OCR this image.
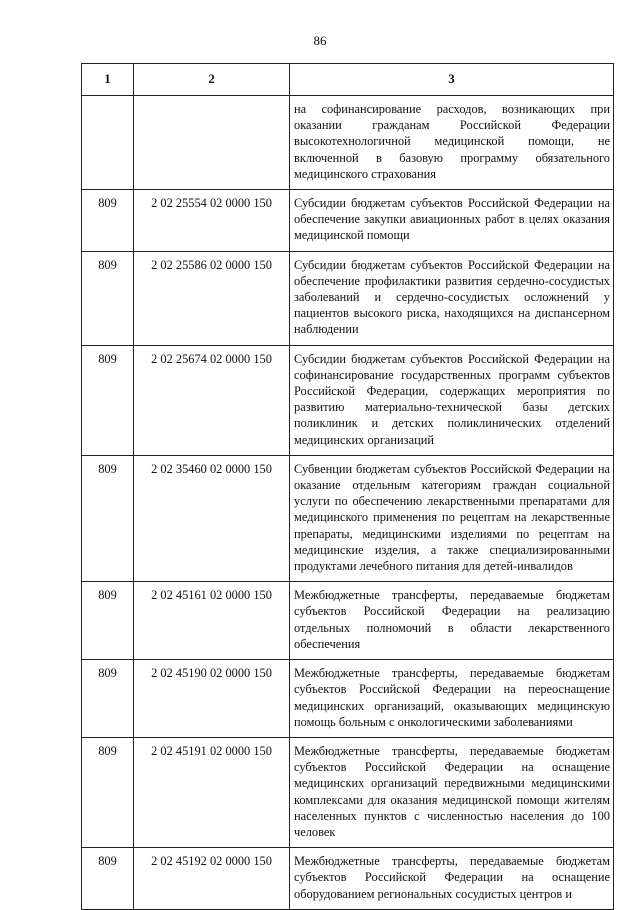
86
1	2	3
		на софинансирование расходов, возникающих при оказании гражданам Российской Федерации высокотехнологичной медицинской помощи, не включенной в базовую программу обязательного медицинского страхования
809	2 02 25554 02 0000 150	Субсидии бюджетам субъектов Российской Федерации на обеспечение закупки авиационных работ в целях оказания медицинской помощи
809	2 02 25586 02 0000 150	Субсидии бюджетам субъектов Российской Федерации на обеспечение профилактики развития сердечно-сосудистых заболеваний и сердечно-сосудистых осложнений у пациентов высокого риска, находящихся на диспансерном наблюдении
809	2 02 25674 02 0000 150	Субсидии бюджетам субъектов Российской Федерации на софинансирование государственных программ субъектов Российской Федерации, содержащих мероприятия по развитию материально-технической базы детских поликлиник и детских поликлинических отделений медицинских организаций
809	2 02 35460 02 0000 150	Субвенции бюджетам субъектов Российской Федерации на оказание отдельным категориям граждан социальной услуги по обеспечению лекарственными препаратами для медицинского применения по рецептам на лекарственные препараты, медицинскими изделиями по рецептам на медицинские изделия, а также специализированными продуктами лечебного питания для детей-инвалидов
809	2 02 45161 02 0000 150	Межбюджетные трансферты, передаваемые бюджетам субъектов Российской Федерации на реализацию отдельных полномочий в области лекарственного обеспечения
809	2 02 45190 02 0000 150	Межбюджетные трансферты, передаваемые бюджетам субъектов Российской Федерации на переоснащение медицинских организаций, оказывающих медицинскую помощь больным с онкологическими заболеваниями
809	2 02 45191 02 0000 150	Межбюджетные трансферты, передаваемые бюджетам субъектов Российской Федерации на оснащение медицинских организаций передвижными медицинскими комплексами для оказания медицинской помощи жителям населенных пунктов с численностью населения до 100 человек
809	2 02 45192 02 0000 150	Межбюджетные трансферты, передаваемые бюджетам субъектов Российской Федерации на оснащение оборудованием региональных сосудистых центров и
